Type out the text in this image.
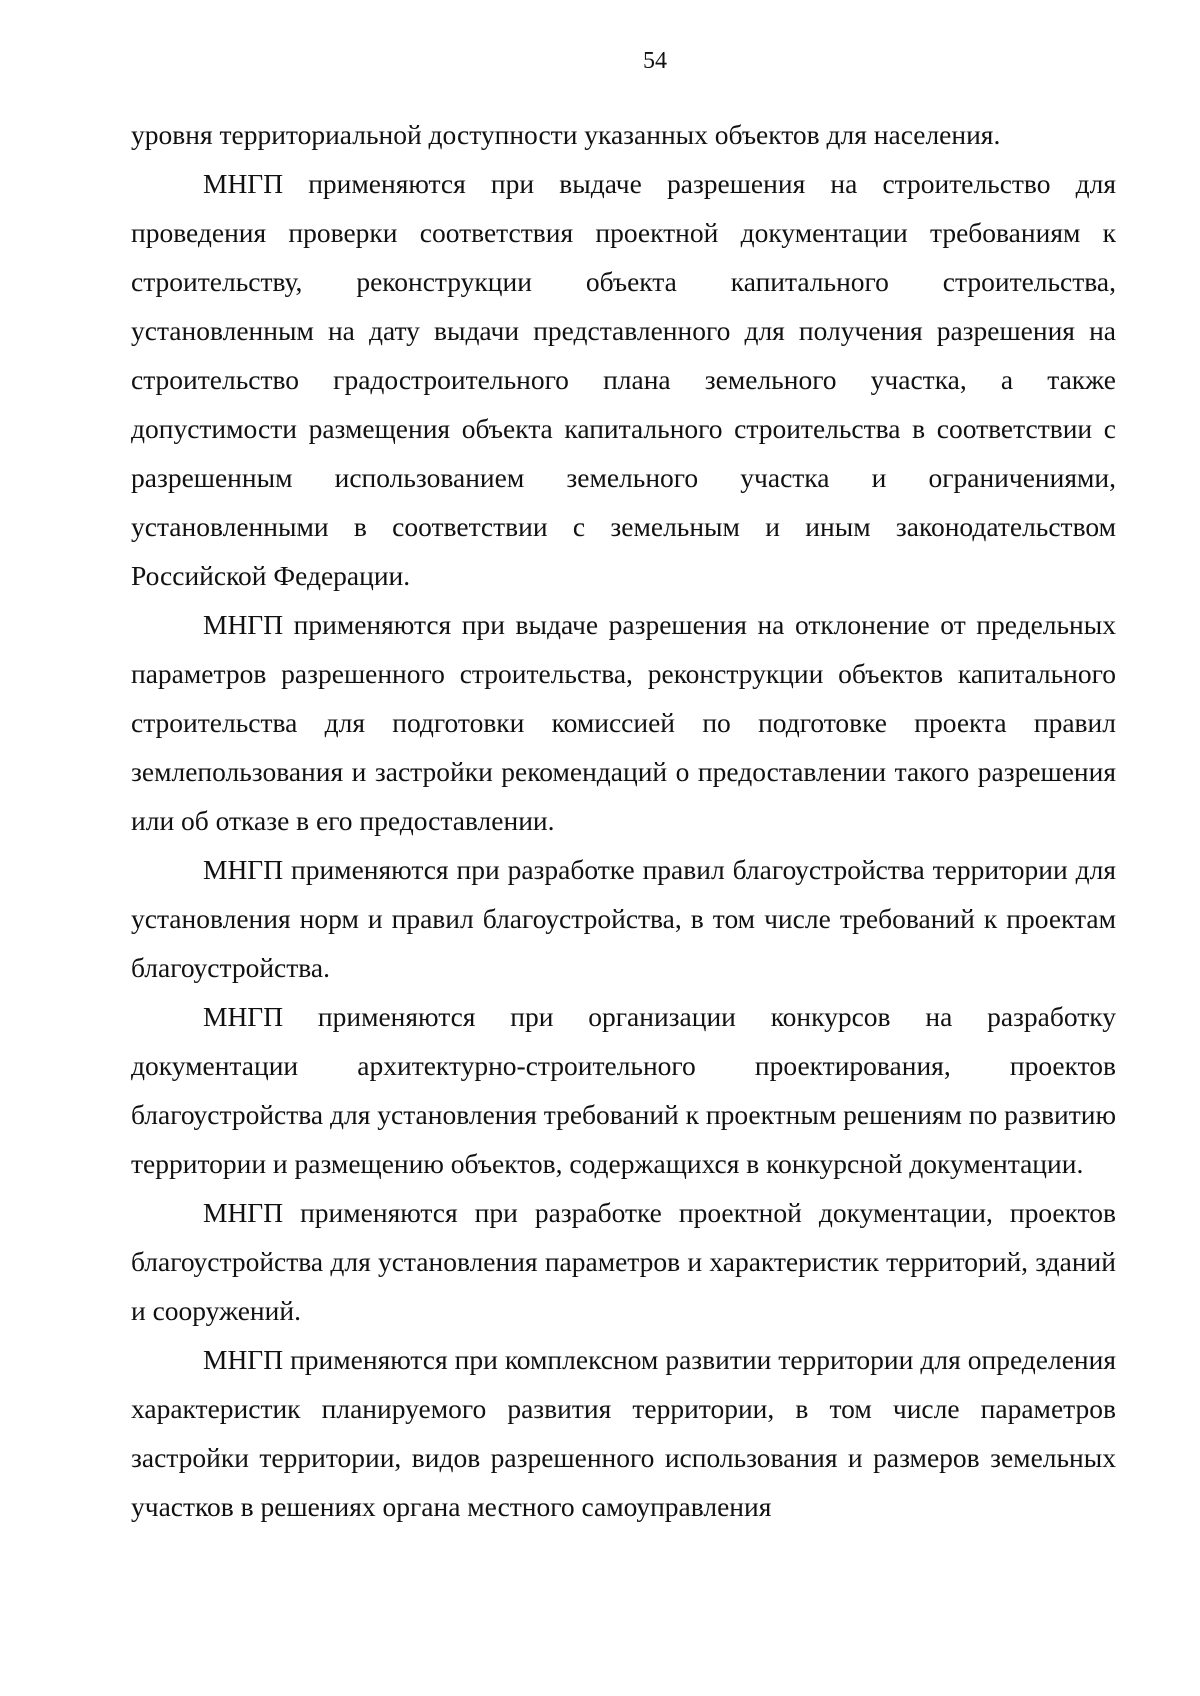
54

уровня территориальной доступности указанных объектов для населения.

МНГП применяются при выдаче разрешения на строительство для проведения проверки соответствия проектной документации требованиям к строительству, реконструкции объекта капитального строительства, установленным на дату выдачи представленного для получения разрешения на строительство градостроительного плана земельного участка, а также допустимости размещения объекта капитального строительства в соответствии с разрешенным использованием земельного участка и ограничениями, установленными в соответствии с земельным и иным законодательством Российской Федерации.

МНГП применяются при выдаче разрешения на отклонение от предельных параметров разрешенного строительства, реконструкции объектов капитального строительства для подготовки комиссией по подготовке проекта правил землепользования и застройки рекомендаций о предоставлении такого разрешения или об отказе в его предоставлении.

МНГП применяются при разработке правил благоустройства территории для установления норм и правил благоустройства, в том числе требований к проектам благоустройства.

МНГП применяются при организации конкурсов на разработку документации архитектурно-строительного проектирования, проектов благоустройства для установления требований к проектным решениям по развитию территории и размещению объектов, содержащихся в конкурсной документации.

МНГП применяются при разработке проектной документации, проектов благоустройства для установления параметров и характеристик территорий, зданий и сооружений.

МНГП применяются при комплексном развитии территории для определения характеристик планируемого развития территории, в том числе параметров застройки территории, видов разрешенного использования и размеров земельных участков в решениях органа местного самоуправления
